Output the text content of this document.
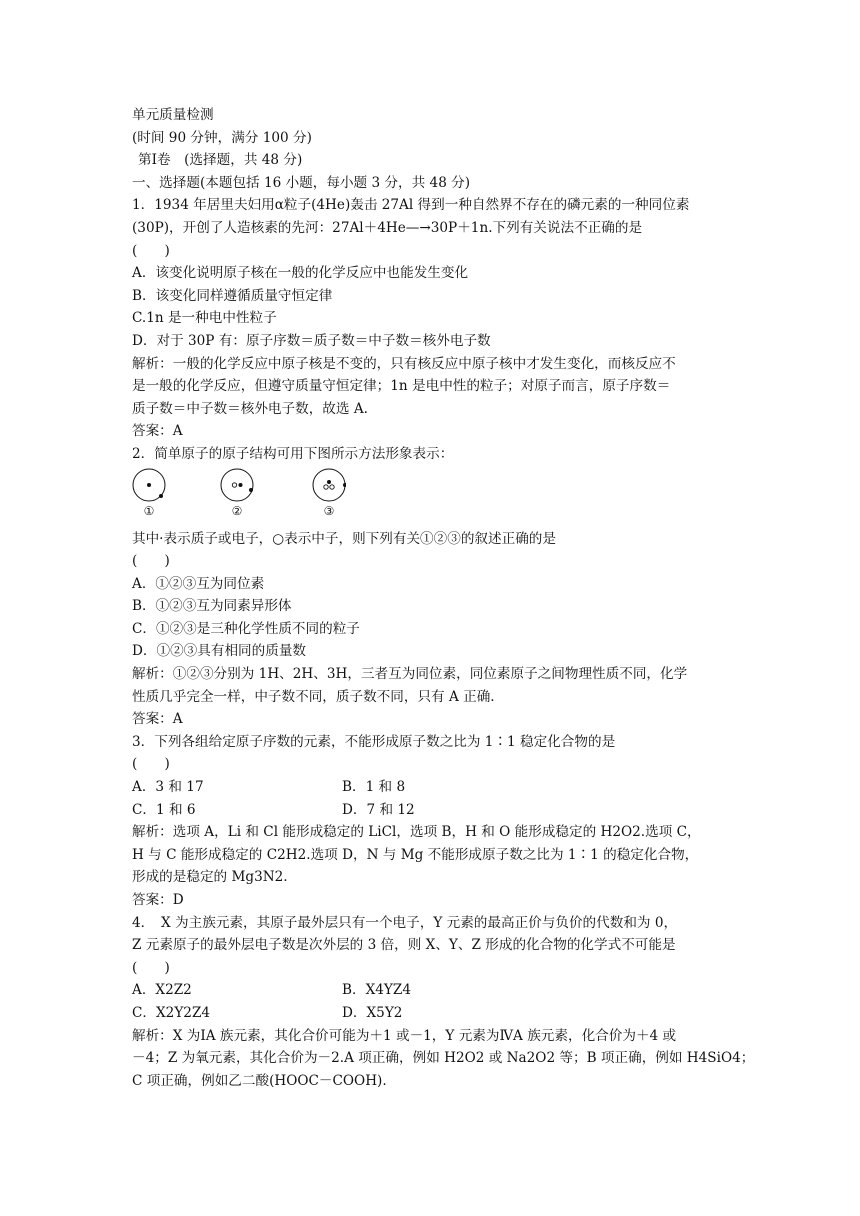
单元质量检测
(时间 90 分钟，满分 100 分)
第Ⅰ卷　(选择题，共 48 分)
一、选择题(本题包括 16 小题，每小题 3 分，共 48 分)
1．1934 年居里夫妇用α粒子(4He)轰击 27Al 得到一种自然界不存在的磷元素的一种同位素
(30P)，开创了人造核素的先河：27Al＋4He—→30P＋1n.下列有关说法不正确的是
(　　)
A．该变化说明原子核在一般的化学反应中也能发生变化
B．该变化同样遵循质量守恒定律
C.1n 是一种电中性粒子
D．对于 30P 有：原子序数＝质子数＝中子数＝核外电子数
解析：一般的化学反应中原子核是不变的，只有核反应中原子核中才发生变化，而核反应不
是一般的化学反应，但遵守质量守恒定律；1n 是电中性的粒子；对原子而言，原子序数＝
质子数＝中子数＝核外电子数，故选 A.
答案：A
2．简单原子的原子结构可用下图所示方法形象表示：
①	②	③
其中·表示质子或电子，○表示中子，则下列有关①②③的叙述正确的是
(　　)
A．①②③互为同位素
B．①②③互为同素异形体
C．①②③是三种化学性质不同的粒子
D．①②③具有相同的质量数
解析：①②③分别为 1H、2H、3H，三者互为同位素，同位素原子之间物理性质不同，化学
性质几乎完全一样，中子数不同，质子数不同，只有 A 正确.
答案：A
3．下列各组给定原子序数的元素，不能形成原子数之比为 1∶1 稳定化合物的是
(　　)
A．3 和 17	B．1 和 8
C．1 和 6	D．7 和 12
解析：选项 A，Li 和 Cl 能形成稳定的 LiCl，选项 B，H 和 O 能形成稳定的 H2O2.选项 C，
H 与 C 能形成稳定的 C2H2.选项 D，N 与 Mg 不能形成原子数之比为 1∶1 的稳定化合物，
形成的是稳定的 Mg3N2.
答案：D
4．　X 为主族元素，其原子最外层只有一个电子，Y 元素的最高正价与负价的代数和为 0，
Z 元素原子的最外层电子数是次外层的 3 倍，则 X、Y、Z 形成的化合物的化学式不可能是
(　　)
A．X2Z2	B．X4YZ4
C．X2Y2Z4	D．X5Y2
解析：X 为ⅠA 族元素，其化合价可能为＋1 或－1，Y 元素为ⅣA 族元素，化合价为＋4 或
－4；Z 为氧元素，其化合价为－2.A 项正确，例如 H2O2 或 Na2O2 等；B 项正确，例如 H4SiO4；
C 项正确，例如乙二酸(HOOC－COOH).
